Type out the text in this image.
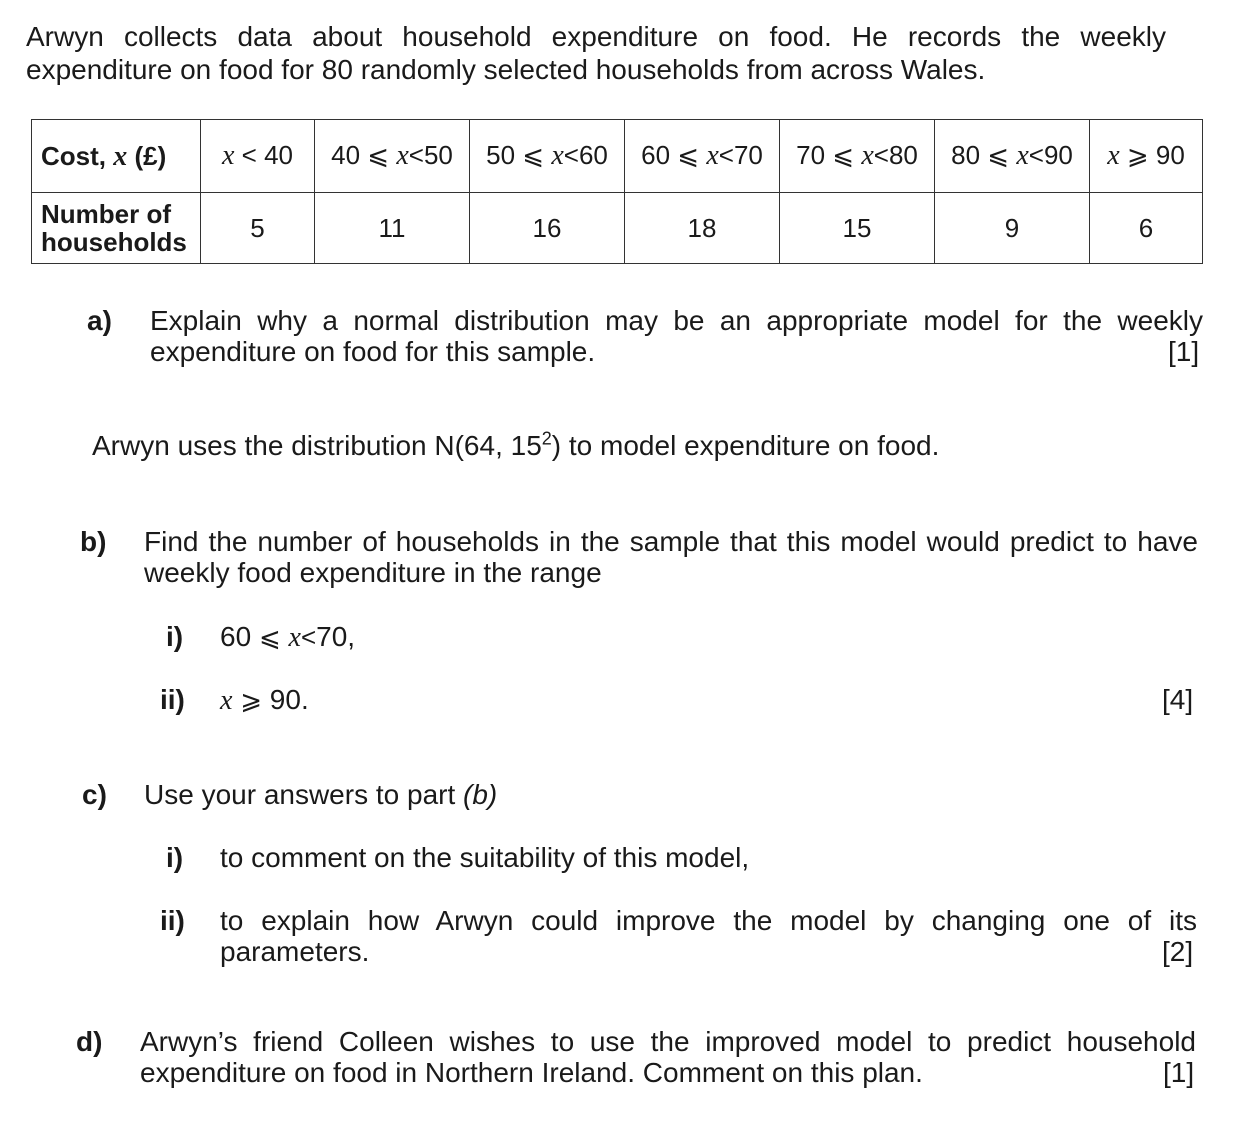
Arwyn collects data about household expenditure on food. He records the weekly
expenditure on food for 80 randomly selected households from across Wales.

Cost, x (£)	x < 40	40 ⩽ x<50	50 ⩽ x<60	60 ⩽ x<70	70 ⩽ x<80	80 ⩽ x<90	x ⩾ 90
Number of
households	5	11	16	18	15	9	6
a) Explain why a normal distribution may be an appropriate model for the weekly
expenditure on food for this sample.	[1]
Arwyn uses the distribution N(64, $15^2$) to model expenditure on food.
b) Find the number of households in the sample that this model would predict to have
weekly food expenditure in the range
i) 60 ⩽ x<70,
ii) x ⩾ 90.	[4]
c) Use your answers to part (b)
i) to comment on the suitability of this model,
ii) to explain how Arwyn could improve the model by changing one of its
parameters.	[2]
d) Arwyn’s friend Colleen wishes to use the improved model to predict household
expenditure on food in Northern Ireland. Comment on this plan.	[1]
